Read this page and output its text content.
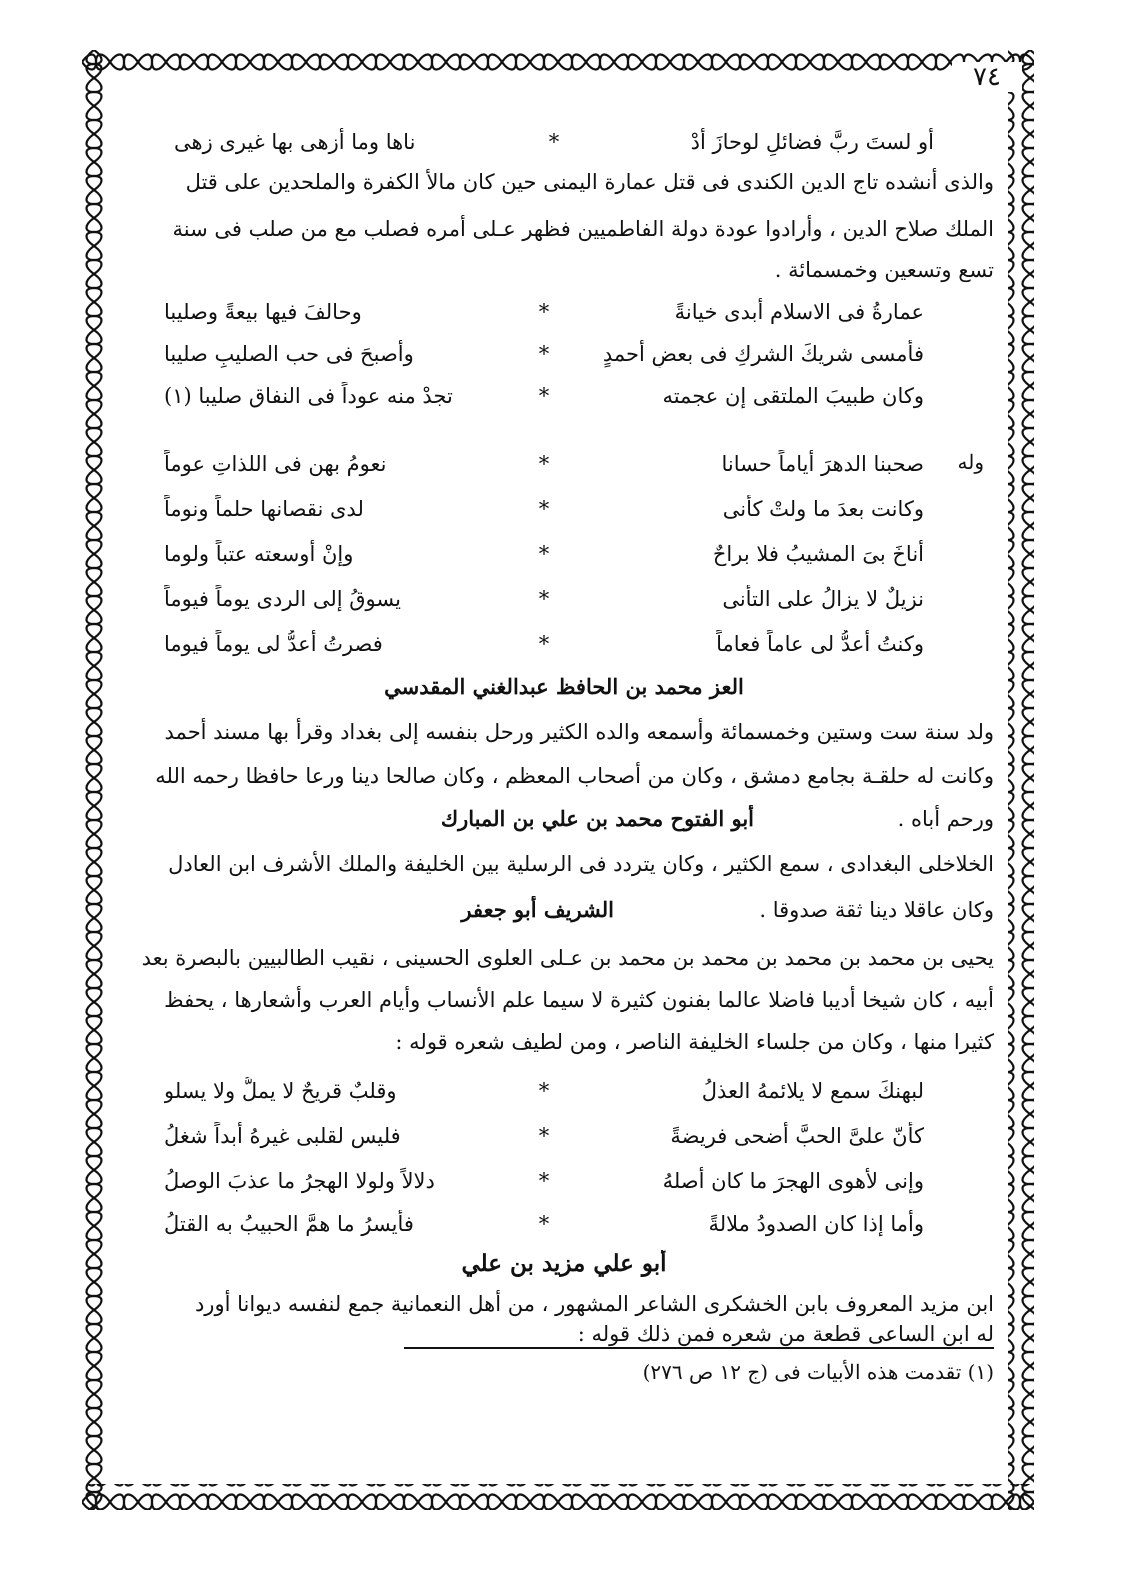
٧٤
أو لستَ ربَّ فضائلٍ لوحازَ أدْ
*
ناها وما أزهى بها غيرى زهى
والذى أنشده تاج الدين الكندى فى قتل عمارة اليمنى حين كان مالأ الكفرة والملحدين على قتل
الملك صلاح الدين ، وأرادوا عودة دولة الفاطميين فظهر عـلى أمره فصلب مع من صلب فى سنة
تسع وتسعين وخمسمائة .
عمارةُ فى الاسلام أبدى خيانةً
*
وحالفَ فيها بيعةً وصليبا
فأمسى شريكَ الشركِ فى بعضِ أحمدٍ
*
وأصبحَ فى حب الصليبِ صليبا
وكان طبيبَ الملتقى إن عجمته
*
تجدْ منه عوداً فى النفاق صليبا (١)
وله
صحبنا الدهرَ أياماً حسانا
*
نعومُ بهن فى اللذاتِ عوماً
وكانت بعدَ ما ولتْ كأنى
*
لدى نقصانها حلماً ونوماً
أناخَ بىَ المشيبُ فلا براحٌ
*
وإنْ أوسعته عتباً ولوما
نزيلٌ لا يزالُ على التأنى
*
يسوقُ إلى الردى يوماً فيوماً
وكنتُ أعدُّ لى عاماً فعاماً
*
فصرتُ أعدُّ لى يوماً فيوما
العز محمد بن الحافظ عبدالغني المقدسي
ولد سنة ست وستين وخمسمائة وأسمعه والده الكثير ورحل بنفسه إلى بغداد وقرأ بها مسند أحمد
وكانت له حلقـة بجامع دمشق ، وكان من أصحاب المعظم ، وكان صالحا دينا ورعا حافظا رحمه الله
ورحم أباه .
أبو الفتوح محمد بن علي بن المبارك
الخلاخلى البغدادى ، سمع الكثير ، وكان يتردد فى الرسلية بين الخليفة والملك الأشرف ابن العادل
وكان عاقلا دينا ثقة صدوقا .
الشريف أبو جعفر
يحيى بن محمد بن محمد بن محمد بن محمد بن عـلى العلوى الحسينى ، نقيب الطالبيين بالبصرة بعد
أبيه ، كان شيخا أديبا فاضلا عالما بفنون كثيرة لا سيما علم الأنساب وأيام العرب وأشعارها ، يحفظ
كثيرا منها ، وكان من جلساء الخليفة الناصر ، ومن لطيف شعره قوله :
لبهنكَ سمع لا يلائمهُ العذلُ
*
وقلبٌ قريحٌ لا يملُّ ولا يسلو
كأنّ علىَّ الحبَّ أضحى فريضةً
*
فليس لقلبى غيرهُ أبداً شغلُ
وإنى لأهوى الهجرَ ما كان أصلهُ
*
دلالاً ولولا الهجرُ ما عذبَ الوصلُ
وأما إذا كان الصدودُ ملالةً
*
فأيسرُ ما همَّ الحبيبُ به القتلُ
أبو علي مزيد بن علي
ابن مزيد المعروف بابن الخشكرى الشاعر المشهور ، من أهل النعمانية جمع لنفسه ديوانا أورد
له ابن الساعى قطعة من شعره فمن ذلك قوله :
(١) تقدمت هذه الأبيات فى (ج ١٢ ص ٢٧٦)
